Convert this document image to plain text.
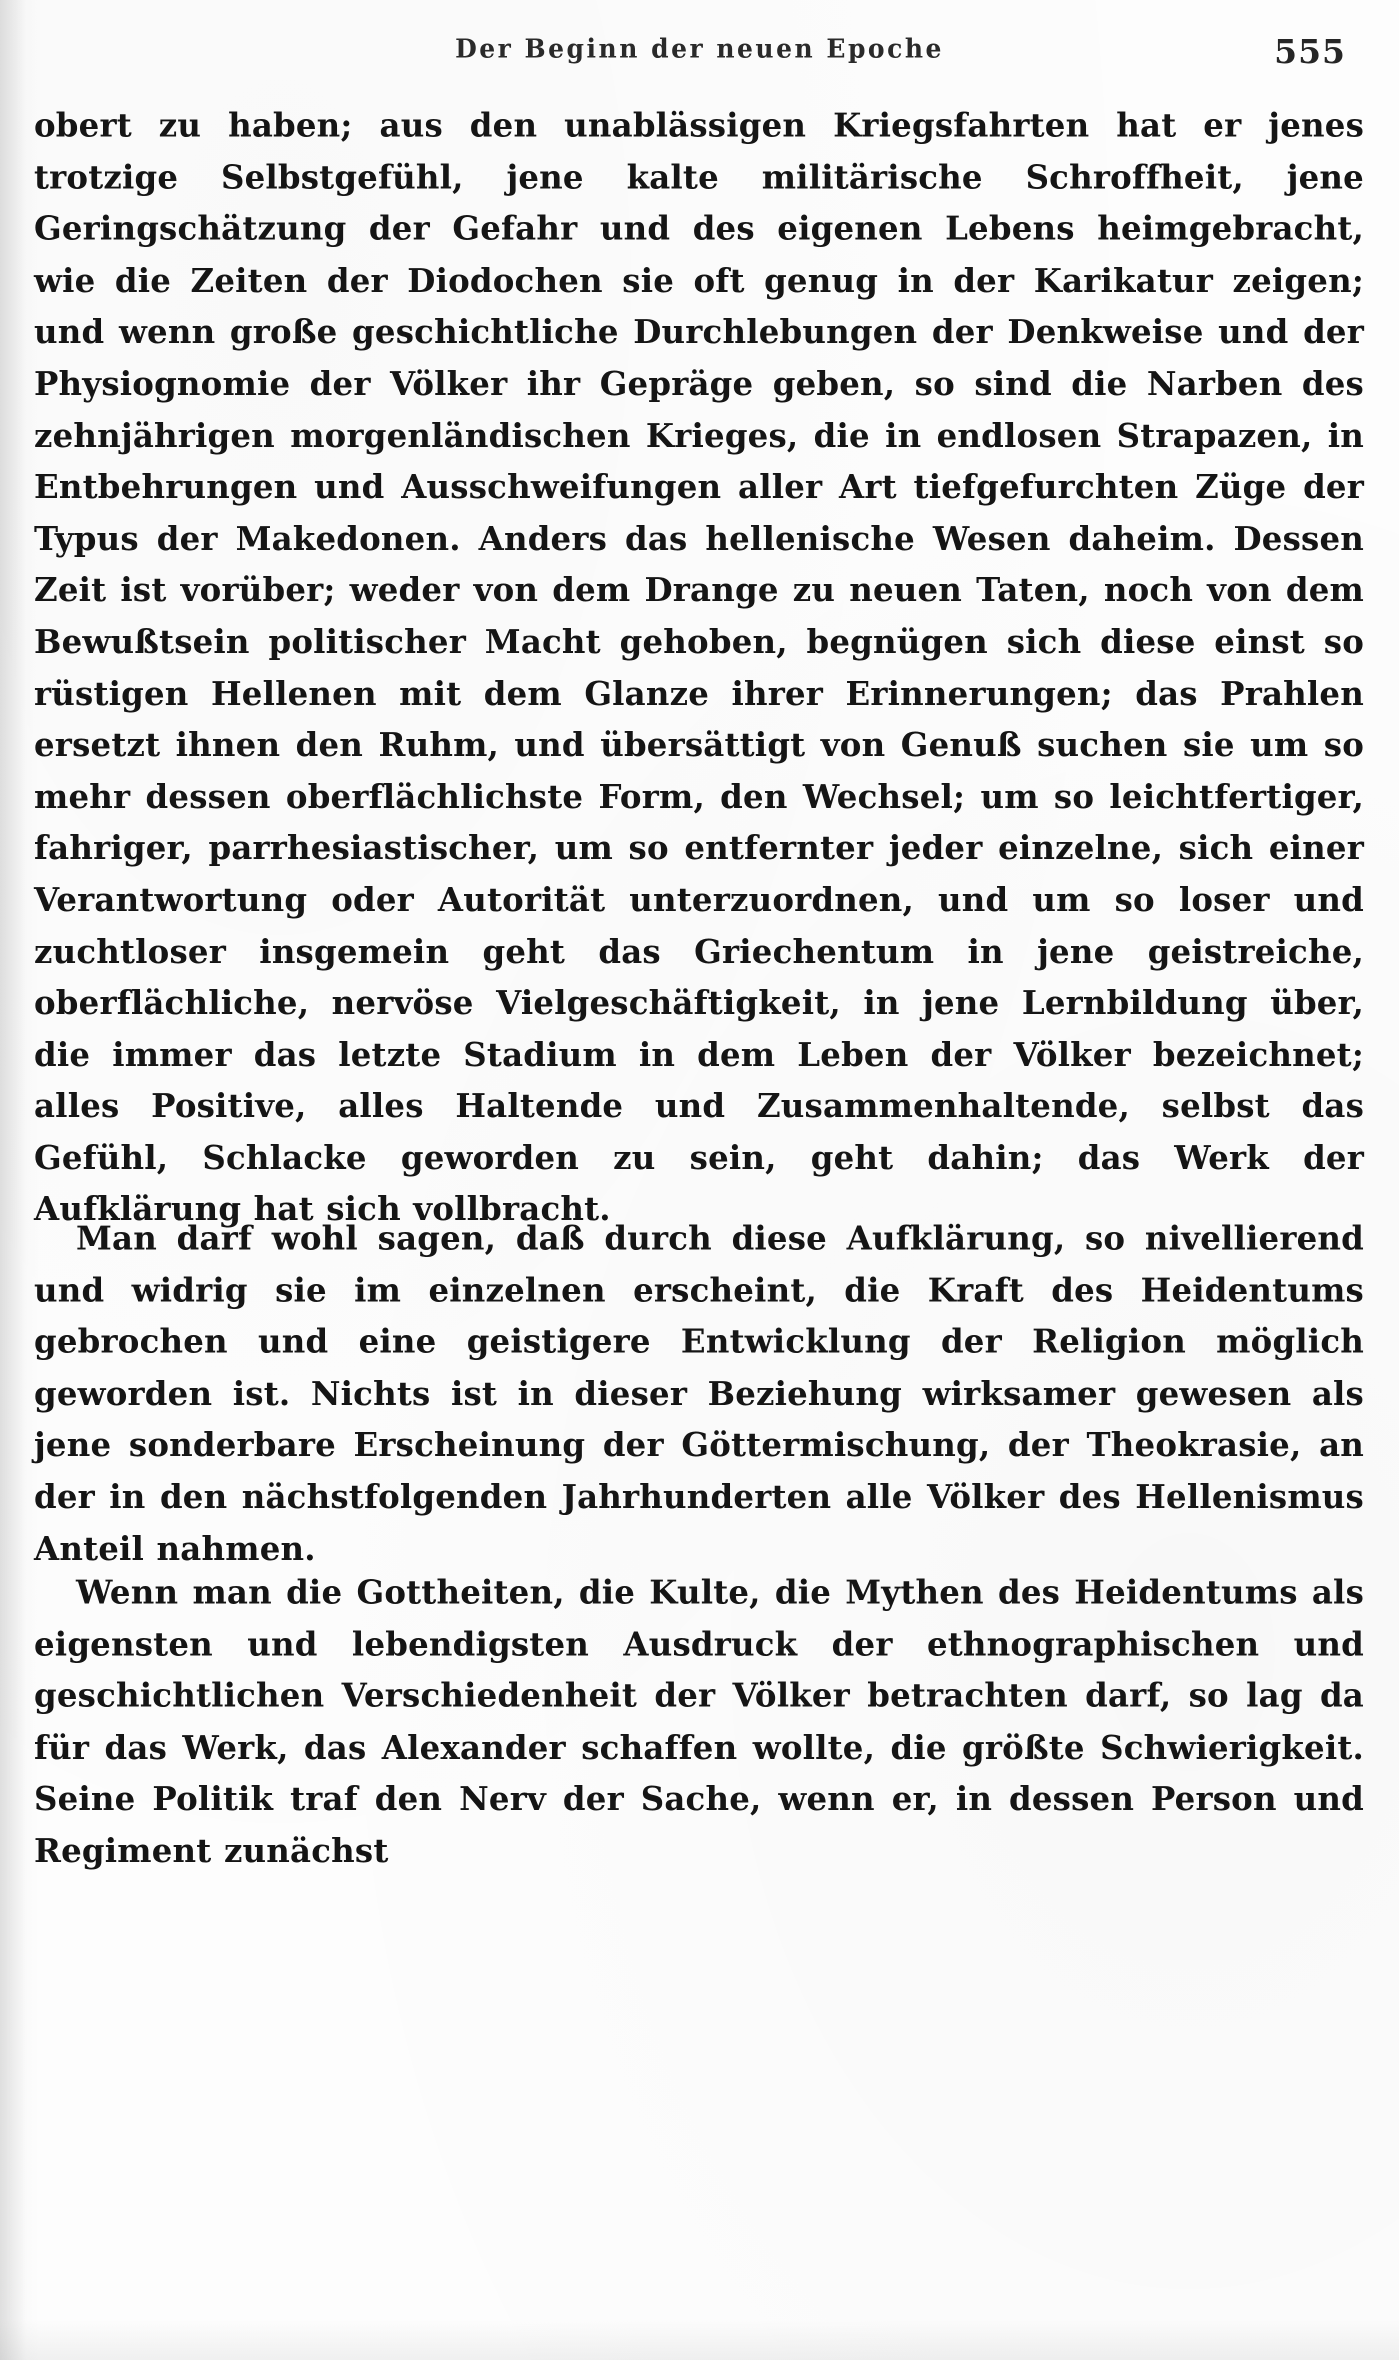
Der Beginn der neuen Epoche	555

obert zu haben; aus den unablässigen Kriegsfahrten hat er jenes trotzige Selbstgefühl, jene kalte militärische Schroffheit, jene Geringschätzung der Gefahr und des eigenen Lebens heimgebracht, wie die Zeiten der Diodochen sie oft genug in der Karikatur zeigen; und wenn große geschichtliche Durchlebungen der Denkweise und der Physiognomie der Völker ihr Gepräge geben, so sind die Narben des zehnjährigen morgenländischen Krieges, die in endlosen Strapazen, in Entbehrungen und Ausschweifungen aller Art tiefgefurchten Züge der Typus der Makedonen. Anders das hellenische Wesen daheim. Dessen Zeit ist vorüber; weder von dem Drange zu neuen Taten, noch von dem Bewußtsein politischer Macht gehoben, begnügen sich diese einst so rüstigen Hellenen mit dem Glanze ihrer Erinnerungen; das Prahlen ersetzt ihnen den Ruhm, und übersättigt von Genuß suchen sie um so mehr dessen oberflächlichste Form, den Wechsel; um so leichtfertiger, fahriger, parrhesiastischer, um so entfernter jeder einzelne, sich einer Verantwortung oder Autorität unterzuordnen, und um so loser und zuchtloser insgemein geht das Griechentum in jene geistreiche, oberflächliche, nervöse Vielgeschäftigkeit, in jene Lernbildung über, die immer das letzte Stadium in dem Leben der Völker bezeichnet; alles Positive, alles Haltende und Zusammenhaltende, selbst das Gefühl, Schlacke geworden zu sein, geht dahin; das Werk der Aufklärung hat sich vollbracht.

Man darf wohl sagen, daß durch diese Aufklärung, so nivellierend und widrig sie im einzelnen erscheint, die Kraft des Heidentums gebrochen und eine geistigere Entwicklung der Religion möglich geworden ist. Nichts ist in dieser Beziehung wirksamer gewesen als jene sonderbare Erscheinung der Göttermischung, der Theokrasie, an der in den nächstfolgenden Jahrhunderten alle Völker des Hellenismus Anteil nahmen.

Wenn man die Gottheiten, die Kulte, die Mythen des Heidentums als eigensten und lebendigsten Ausdruck der ethnographischen und geschichtlichen Verschiedenheit der Völker betrachten darf, so lag da für das Werk, das Alexander schaffen wollte, die größte Schwierigkeit. Seine Politik traf den Nerv der Sache, wenn er, in dessen Person und Regiment zunächst
